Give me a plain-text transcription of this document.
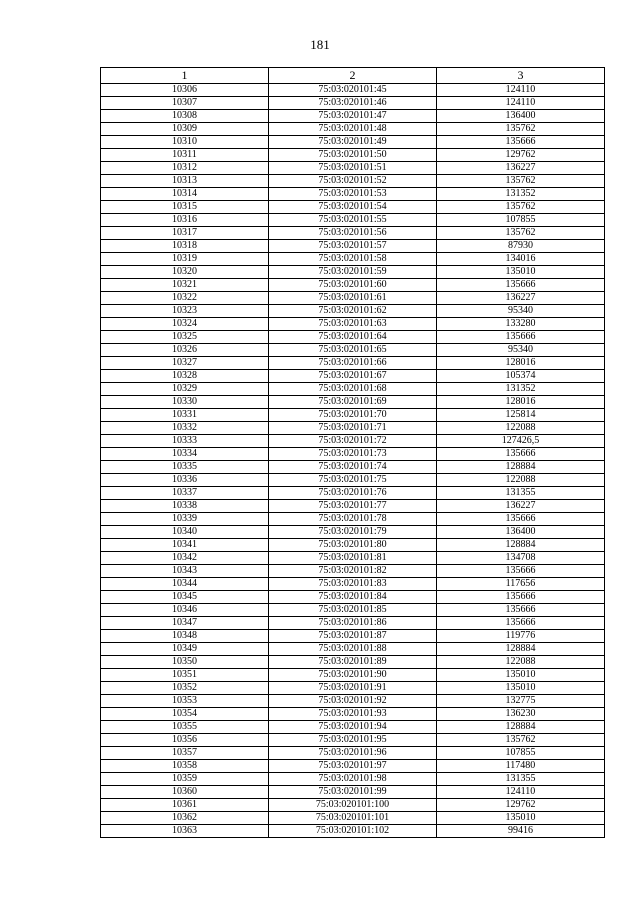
181
1	2	3
10306	75:03:020101:45	124110
10307	75:03:020101:46	124110
10308	75:03:020101:47	136400
10309	75:03:020101:48	135762
10310	75:03:020101:49	135666
10311	75:03:020101:50	129762
10312	75:03:020101:51	136227
10313	75:03:020101:52	135762
10314	75:03:020101:53	131352
10315	75:03:020101:54	135762
10316	75:03:020101:55	107855
10317	75:03:020101:56	135762
10318	75:03:020101:57	87930
10319	75:03:020101:58	134016
10320	75:03:020101:59	135010
10321	75:03:020101:60	135666
10322	75:03:020101:61	136227
10323	75:03:020101:62	95340
10324	75:03:020101:63	133280
10325	75:03:020101:64	135666
10326	75:03:020101:65	95340
10327	75:03:020101:66	128016
10328	75:03:020101:67	105374
10329	75:03:020101:68	131352
10330	75:03:020101:69	128016
10331	75:03:020101:70	125814
10332	75:03:020101:71	122088
10333	75:03:020101:72	127426,5
10334	75:03:020101:73	135666
10335	75:03:020101:74	128884
10336	75:03:020101:75	122088
10337	75:03:020101:76	131355
10338	75:03:020101:77	136227
10339	75:03:020101:78	135666
10340	75:03:020101:79	136400
10341	75:03:020101:80	128884
10342	75:03:020101:81	134708
10343	75:03:020101:82	135666
10344	75:03:020101:83	117656
10345	75:03:020101:84	135666
10346	75:03:020101:85	135666
10347	75:03:020101:86	135666
10348	75:03:020101:87	119776
10349	75:03:020101:88	128884
10350	75:03:020101:89	122088
10351	75:03:020101:90	135010
10352	75:03:020101:91	135010
10353	75:03:020101:92	132775
10354	75:03:020101:93	136230
10355	75:03:020101:94	128884
10356	75:03:020101:95	135762
10357	75:03:020101:96	107855
10358	75:03:020101:97	117480
10359	75:03:020101:98	131355
10360	75:03:020101:99	124110
10361	75:03:020101:100	129762
10362	75:03:020101:101	135010
10363	75:03:020101:102	99416
